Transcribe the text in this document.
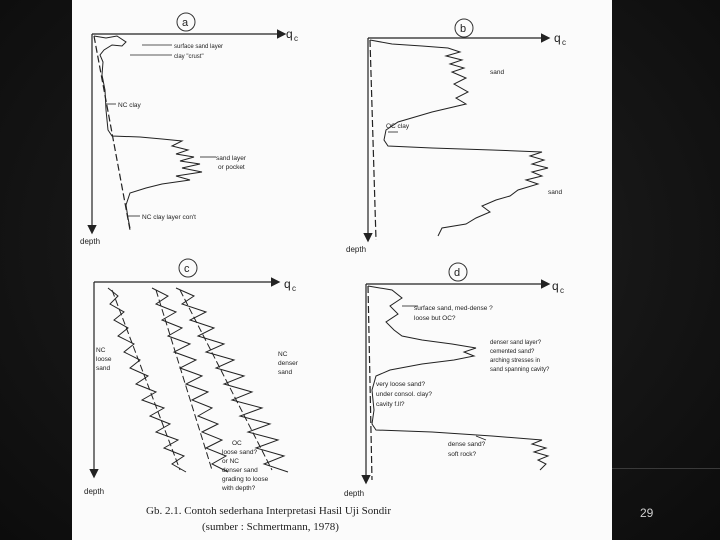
a
q c
depth
surface sand layer
clay "crust"
NC clay
sand layer
or pocket
NC clay layer con't
b
q c
depth
sand
OC clay
sand
c
q c
depth
NC
loose
sand
NC
denser
sand
OC
loose sand?
or NC
denser sand
grading to loose
with depth?
d
q c
depth
surface sand, med-dense ?
loose but OC?
denser sand layer?
cemented sand?
arching stresses in
sand spanning cavity?
very loose sand?
under consol. clay?
cavity f.ll?
dense sand?
soft rock?
Gb. 2.1. Contoh sederhana Interpretasi Hasil Uji Sondir
(sumber : Schmertmann, 1978)
29
